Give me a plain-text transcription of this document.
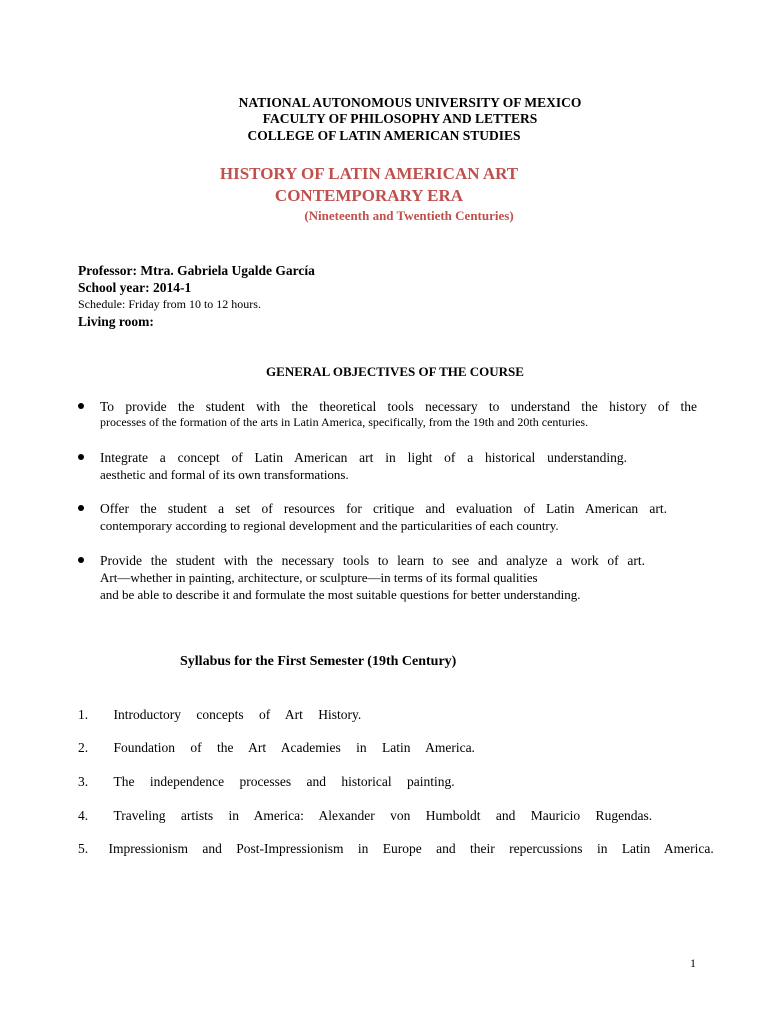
NATIONAL AUTONOMOUS UNIVERSITY OF MEXICO
FACULTY OF PHILOSOPHY AND LETTERS
COLLEGE OF LATIN AMERICAN STUDIES
HISTORY OF LATIN AMERICAN ART
CONTEMPORARY ERA
(Nineteenth and Twentieth Centuries)
Professor: Mtra. Gabriela Ugalde García
School year: 2014-1
Schedule: Friday from 10 to 12 hours.
Living room:
GENERAL OBJECTIVES OF THE COURSE
To provide the student with the theoretical tools necessary to understand the history of the
processes of the formation of the arts in Latin America, specifically, from the 19th and 20th centuries.
Integrate a concept of Latin American art in light of a historical understanding.
aesthetic and formal of its own transformations.
Offer the student a set of resources for critique and evaluation of Latin American art.
contemporary according to regional development and the particularities of each country.
Provide the student with the necessary tools to learn to see and analyze a work of art.
Art—whether in painting, architecture, or sculpture—in terms of its formal qualities
and be able to describe it and formulate the most suitable questions for better understanding.
Syllabus for the First Semester (19th Century)
1. Introductory concepts of Art History.
2. Foundation of the Art Academies in Latin America.
3. The independence processes and historical painting.
4. Traveling artists in America: Alexander von Humboldt and Mauricio Rugendas.
5. Impressionism and Post-Impressionism in Europe and their repercussions in Latin America.
1
